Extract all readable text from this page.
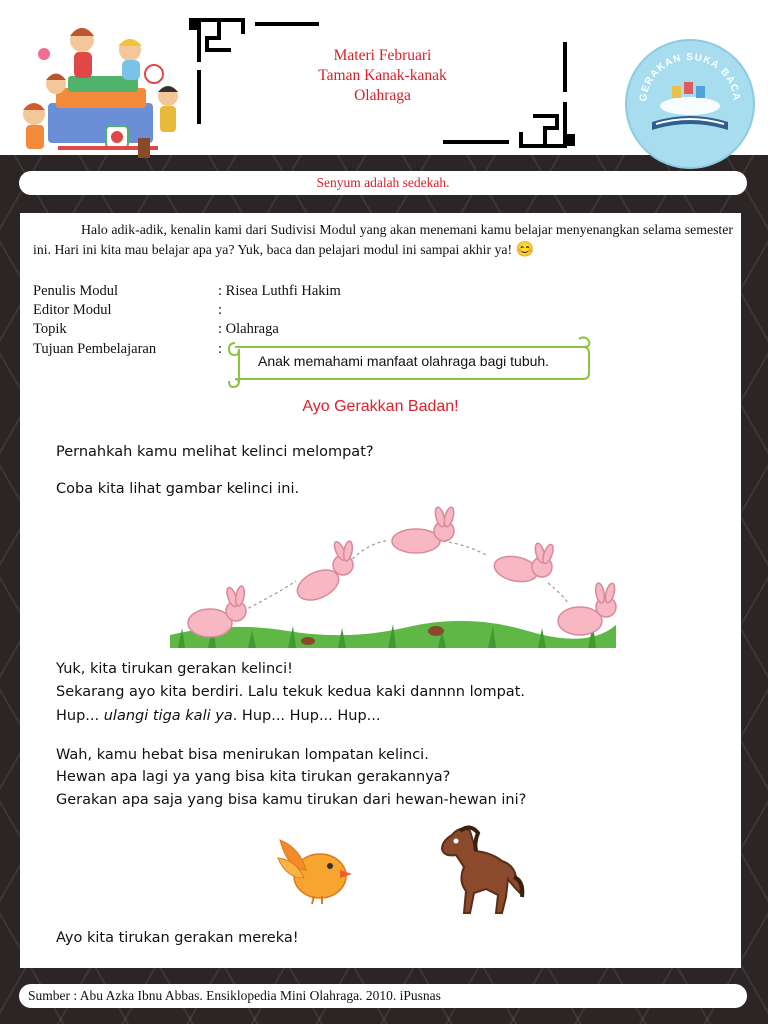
Materi Februari
Taman Kanak-kanak
Olahraga	GERAKAN SUKA BACA
Senyum adalah sedekah.

Halo adik-adik, kenalin kami dari Sudivisi Modul yang akan menemani kamu belajar menyenangkan selama semester ini. Hari ini kita mau belajar apa ya? Yuk, baca dan pelajari modul ini sampai akhir ya! 😊

Penulis Modul	: Risea Luthfi Hakim
Editor Modul	:
Topik	: Olahraga
Tujuan Pembelajaran	:
Anak memahami manfaat olahraga bagi tubuh.
Ayo Gerakkan Badan!

Pernahkah kamu melihat kelinci melompat?

Coba kita lihat gambar kelinci ini.

Yuk, kita tirukan gerakan kelinci!

Sekarang ayo kita berdiri. Lalu tekuk kedua kaki dannnn lompat.

Hup... ulangi tiga kali ya. Hup... Hup... Hup...

Wah, kamu hebat bisa menirukan lompatan kelinci.

Hewan apa lagi ya yang bisa kita tirukan gerakannya?

Gerakan apa saja yang bisa kamu tirukan dari hewan-hewan ini?

Ayo kita tirukan gerakan mereka!

Sumber : Abu Azka Ibnu Abbas. Ensiklopedia Mini Olahraga. 2010. iPusnas
